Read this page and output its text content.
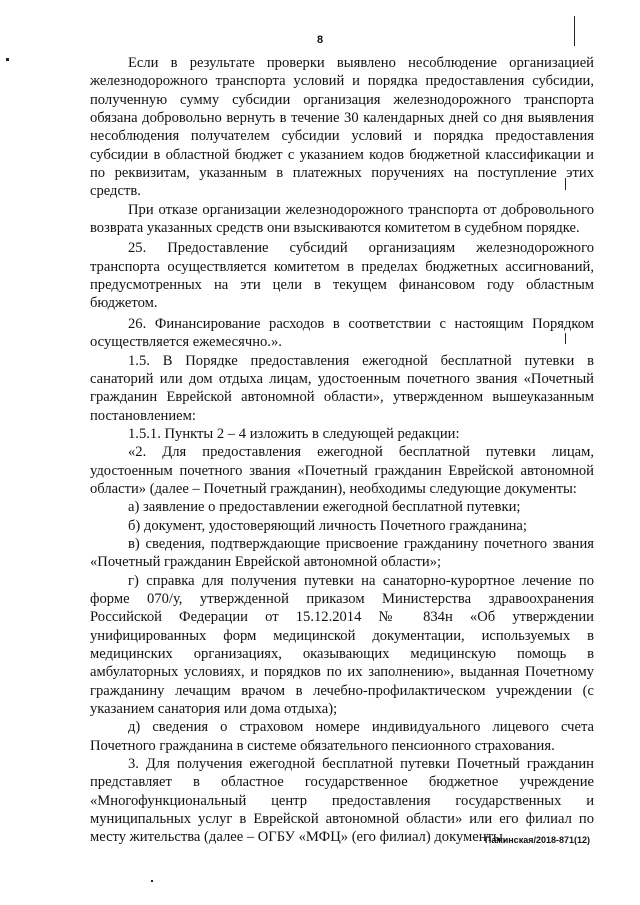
8

Если в результате проверки выявлено несоблюдение организацией железнодорожного транспорта условий и порядка предоставления субсидии, полученную сумму субсидии организация железнодорожного транспорта обязана добровольно вернуть в течение 30 календарных дней со дня выявления несоблюдения получателем субсидии условий и порядка предоставления субсидии в областной бюджет с указанием кодов бюджетной классификации и по реквизитам, указанным в платежных поручениях на поступление этих средств.

При отказе организации железнодорожного транспорта от добровольного возврата указанных средств они взыскиваются комитетом в судебном порядке.

25. Предоставление субсидий организациям железнодорожного транспорта осуществляется комитетом в пределах бюджетных ассигнований, предусмотренных на эти цели в текущем финансовом году областным бюджетом.

26. Финансирование расходов в соответствии с настоящим Порядком осуществляется ежемесячно.».

1.5. В Порядке предоставления ежегодной бесплатной путевки в санаторий или дом отдыха лицам, удостоенным почетного звания «Почетный гражданин Еврейской автономной области», утвержденном вышеуказанным постановлением:

1.5.1. Пункты 2 – 4 изложить в следующей редакции:

«2. Для предоставления ежегодной бесплатной путевки лицам, удостоенным почетного звания «Почетный гражданин Еврейской автономной области» (далее – Почетный гражданин), необходимы следующие документы:

а) заявление о предоставлении ежегодной бесплатной путевки;

б) документ, удостоверяющий личность Почетного гражданина;

в) сведения, подтверждающие присвоение гражданину почетного звания «Почетный гражданин Еврейской автономной области»;

г) справка для получения путевки на санаторно-курортное лечение по форме 070/у, утвержденной приказом Министерства здравоохранения Российской Федерации от 15.12.2014 № 834н «Об утверждении унифицированных форм медицинской документации, используемых в медицинских организациях, оказывающих медицинскую помощь в амбулаторных условиях, и порядков по их заполнению», выданная Почетному гражданину лечащим врачом в лечебно-профилактическом учреждении (с указанием санатория или дома отдыха);

д) сведения о страховом номере индивидуального лицевого счета Почетного гражданина в системе обязательного пенсионного страхования.

3. Для получения ежегодной бесплатной путевки Почетный гражданин представляет в областное государственное бюджетное учреждение «Многофункциональный центр предоставления государственных и муниципальных услуг в Еврейской автономной области» или его филиал по месту жительства (далее – ОГБУ «МФЦ» (его филиал) документы,

Пажинская/2018-871(12)
